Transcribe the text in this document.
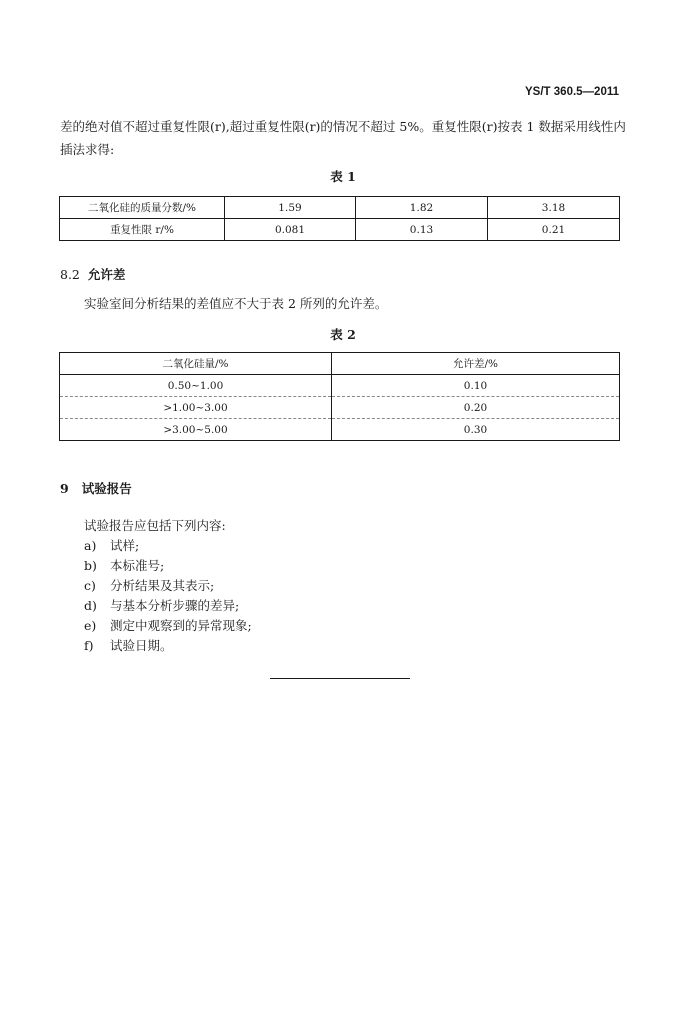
YS/T 360.5—2011
差的绝对值不超过重复性限(r),超过重复性限(r)的情况不超过 5%。重复性限(r)按表 1 数据采用线性内插法求得:
表 1
二氧化硅的质量分数/%	1.59	1.82	3.18
重复性限 r/%	0.081	0.13	0.21
8.2 允许差
实验室间分析结果的差值应不大于表 2 所列的允许差。
表 2
二氧化硅量/%	允许差/%
0.50~1.00	0.10
>1.00~3.00	0.20
>3.00~5.00	0.30
9 试验报告
试验报告应包括下列内容:
a) 试样;
b) 本标准号;
c) 分析结果及其表示;
d) 与基本分析步骤的差异;
e) 测定中观察到的异常现象;
f) 试验日期。
